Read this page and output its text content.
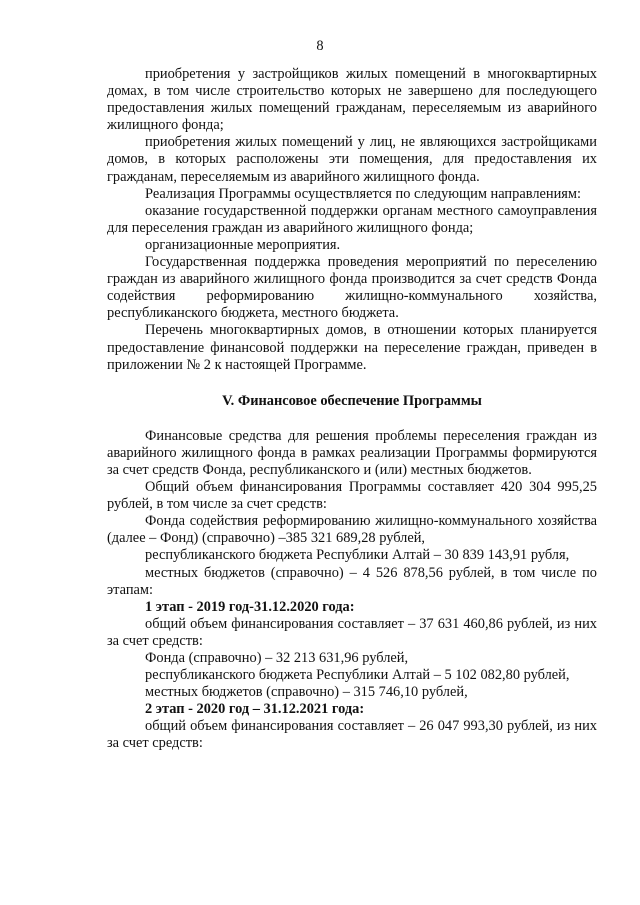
8

приобретения у застройщиков жилых помещений в многоквартирных домах, в том числе строительство которых не завершено для последующего предоставления жилых помещений гражданам, переселяемым из аварийного жилищного фонда;

приобретения жилых помещений у лиц, не являющихся застройщиками домов, в которых расположены эти помещения, для предоставления их гражданам, переселяемым из аварийного жилищного фонда.

Реализация Программы осуществляется по следующим направлениям:

оказание государственной поддержки органам местного самоуправления для переселения граждан из аварийного жилищного фонда;

организационные мероприятия.

Государственная поддержка проведения мероприятий по переселению граждан из аварийного жилищного фонда производится за счет средств Фонда содействия реформированию жилищно-коммунального хозяйства, республиканского бюджета, местного бюджета.

Перечень многоквартирных домов, в отношении которых планируется предоставление финансовой поддержки на переселение граждан, приведен в приложении № 2 к настоящей Программе.

V. Финансовое обеспечение Программы

Финансовые средства для решения проблемы переселения граждан из аварийного жилищного фонда в рамках реализации Программы формируются за счет средств Фонда, республиканского и (или) местных бюджетов.

Общий объем финансирования Программы составляет 420 304 995,25 рублей, в том числе за счет средств:

Фонда содействия реформированию жилищно-коммунального хозяйства (далее – Фонд) (справочно) –385 321 689,28 рублей,

республиканского бюджета Республики Алтай – 30 839 143,91 рубля,

местных бюджетов (справочно) – 4 526 878,56 рублей, в том числе по этапам:

1 этап - 2019 год-31.12.2020 года:

общий объем финансирования составляет – 37 631 460,86 рублей, из них за счет средств:

Фонда (справочно) – 32 213 631,96 рублей,

республиканского бюджета Республики Алтай – 5 102 082,80 рублей,

местных бюджетов (справочно) – 315 746,10 рублей,

2 этап - 2020 год – 31.12.2021 года:

общий объем финансирования составляет – 26 047 993,30 рублей, из них за счет средств:
